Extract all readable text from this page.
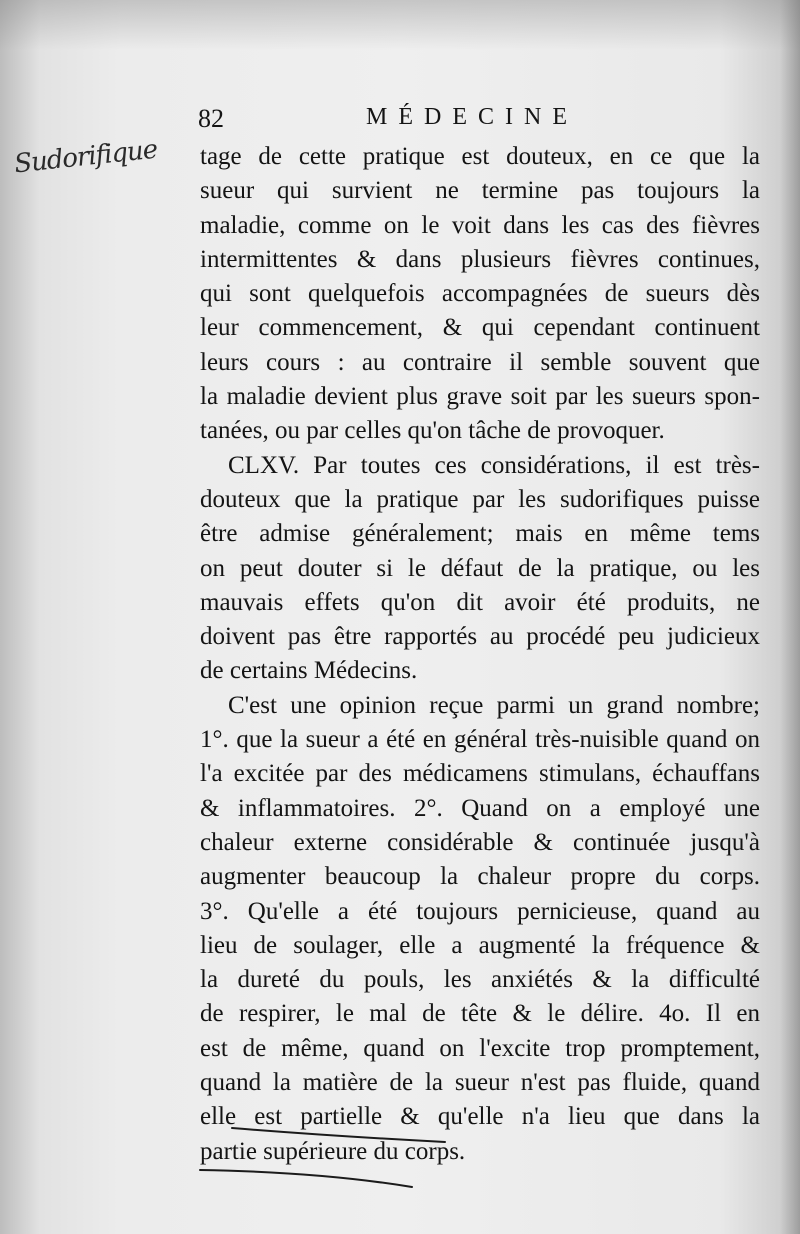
Sudorifique
82	MÉDECINE
tage de cette pratique est douteux, en ce que la
sueur qui survient ne termine pas toujours la
maladie, comme on le voit dans les cas des fièvres
intermittentes & dans plusieurs fièvres continues,
qui sont quelquefois accompagnées de sueurs dès
leur commencement, & qui cependant continuent
leurs cours : au contraire il semble souvent que
la maladie devient plus grave soit par les sueurs spon-
tanées, ou par celles qu'on tâche de provoquer.
CLXV. Par toutes ces considérations, il est très-
douteux que la pratique par les sudorifiques puisse
être admise généralement; mais en même tems
on peut douter si le défaut de la pratique, ou les
mauvais effets qu'on dit avoir été produits, ne
doivent pas être rapportés au procédé peu judicieux
de certains Médecins.
C'est une opinion reçue parmi un grand nombre;
1°. que la sueur a été en général très-nuisible quand on
l'a excitée par des médicamens stimulans, échauffans
& inflammatoires. 2°. Quand on a employé une
chaleur externe considérable & continuée jusqu'à
augmenter beaucoup la chaleur propre du corps.
3°. Qu'elle a été toujours pernicieuse, quand au
lieu de soulager, elle a augmenté la fréquence &
la dureté du pouls, les anxiétés & la difficulté
de respirer, le mal de tête & le délire. 4o. Il en
est de même, quand on l'excite trop promptement,
quand la matière de la sueur n'est pas fluide, quand
elle est partielle & qu'elle n'a lieu que dans la
partie supérieure du corps.
